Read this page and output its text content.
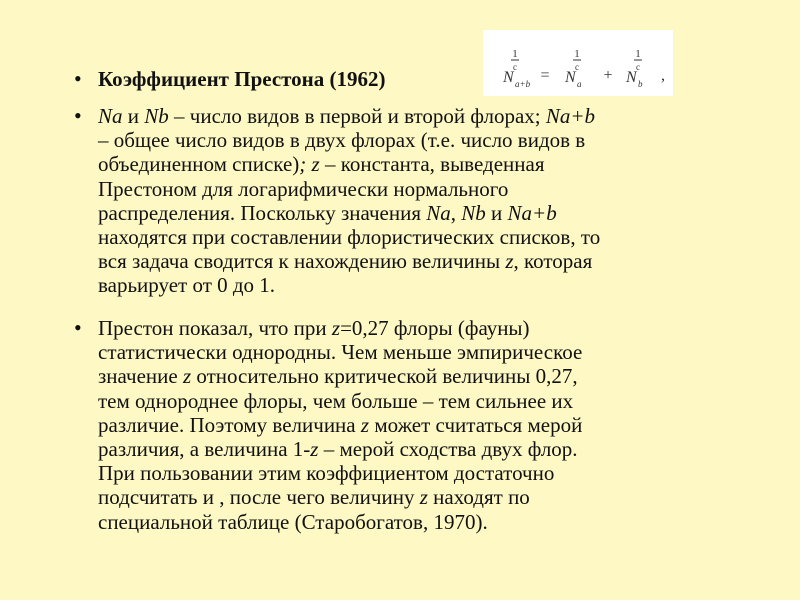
1
c
N a+b =
1
c
N a +
1
c
N b ,
• Коэффициент Престона (1962)
• Na и Nb – число видов в первой и второй флорах; Na+b
– общее число видов в двух флорах (т.е. число видов в
объединенном списке); z – константа, выведенная
Престоном для логарифмически нормального
распределения. Поскольку значения Na, Nb и Na+b
находятся при составлении флористических списков, то
вся задача сводится к нахождению величины z, которая
варьирует от 0 до 1.
• Престон показал, что при z=0,27 флоры (фауны)
статистически однородны. Чем меньше эмпирическое
значение z относительно критической величины 0,27,
тем однороднее флоры, чем больше – тем сильнее их
различие. Поэтому величина z может считаться мерой
различия, а величина 1-z – мерой сходства двух флор.
При пользовании этим коэффициентом достаточно
подсчитать и , после чего величину z находят по
специальной таблице (Старобогатов, 1970).
